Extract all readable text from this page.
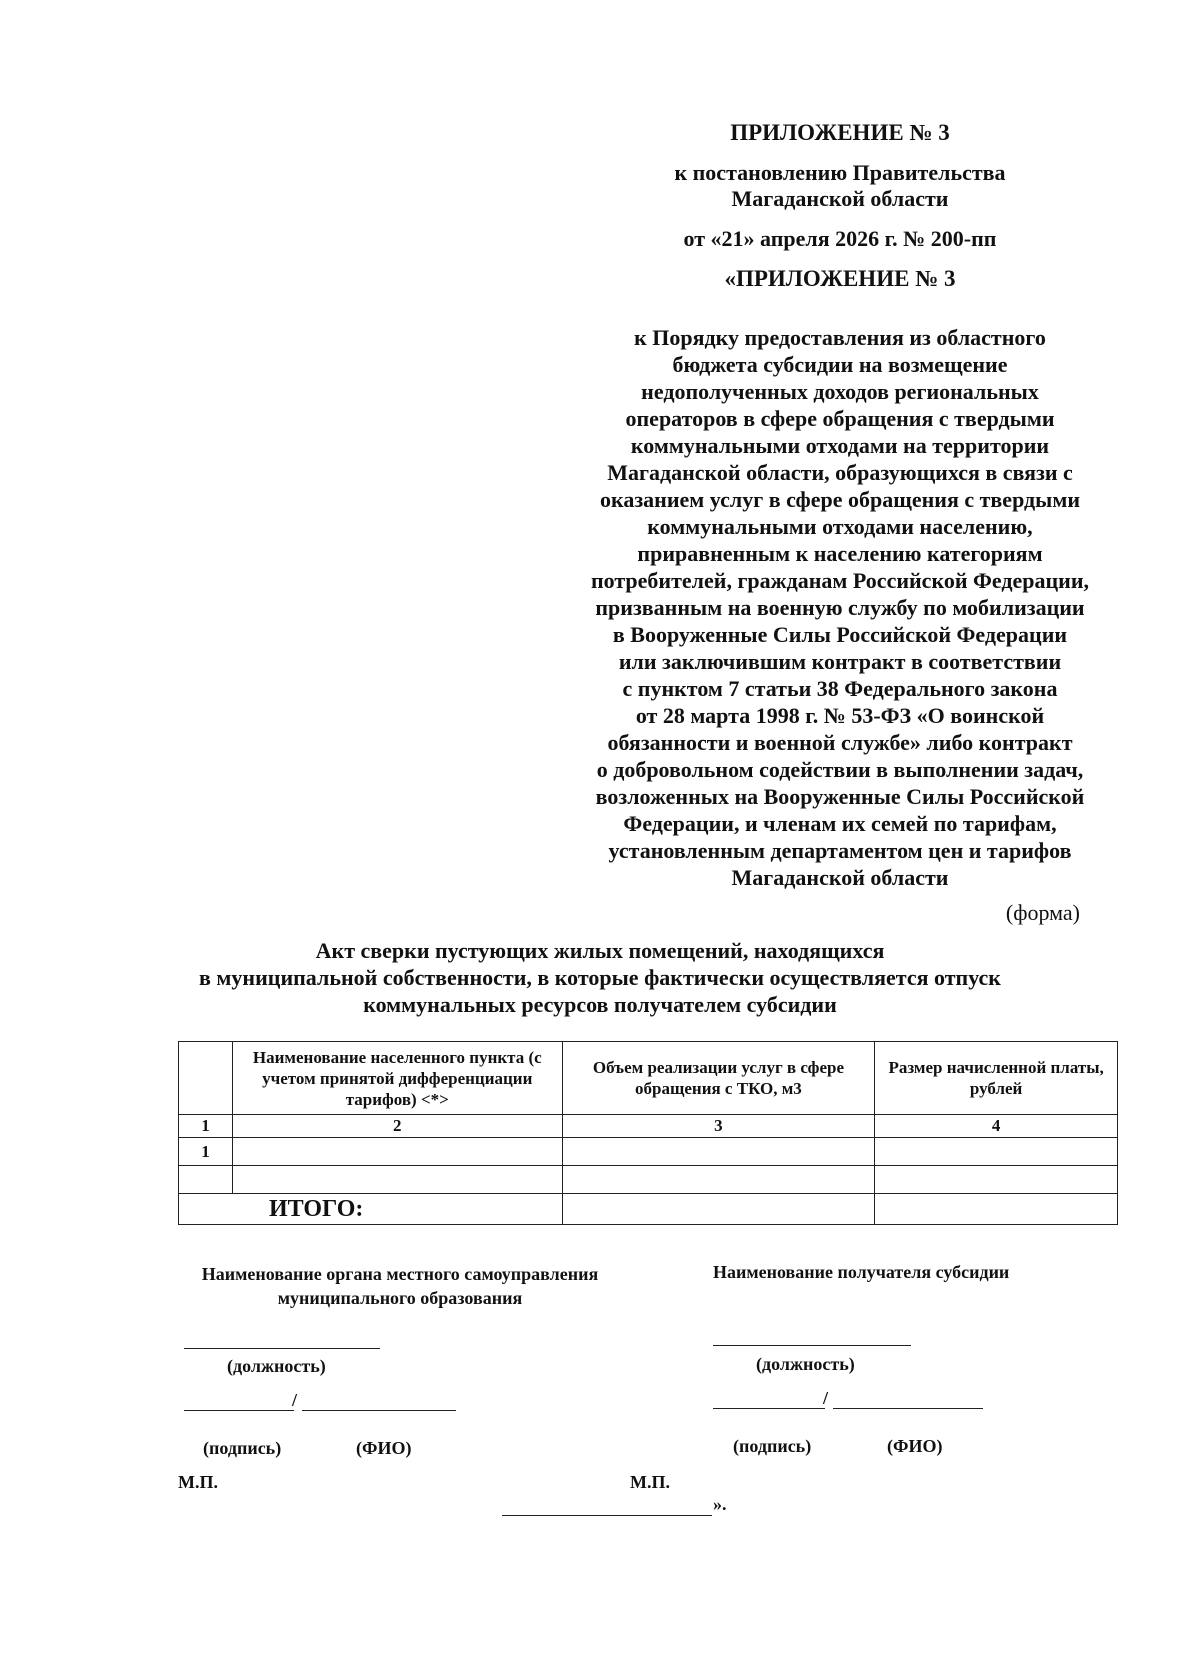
ПРИЛОЖЕНИЕ № 3
к постановлению Правительства
Магаданской области
от «21» апреля 2026 г. № 200-пп
«ПРИЛОЖЕНИЕ № 3
к Порядку предоставления из областного
бюджета субсидии на возмещение
недополученных доходов региональных
операторов в сфере обращения с твердыми
коммунальными отходами на территории
Магаданской области, образующихся в связи с
оказанием услуг в сфере обращения с твердыми
коммунальными отходами населению,
приравненным к населению категориям
потребителей, гражданам Российской Федерации,
призванным на военную службу по мобилизации
в Вооруженные Силы Российской Федерации
или заключившим контракт в соответствии
с пунктом 7 статьи 38 Федерального закона
от 28 марта 1998 г. № 53-ФЗ «О воинской
обязанности и военной службе» либо контракт
о добровольном содействии в выполнении задач,
возложенных на Вооруженные Силы Российской
Федерации, и членам их семей по тарифам,
установленным департаментом цен и тарифов
Магаданской области
(форма)
Акт сверки пустующих жилых помещений, находящихся
в муниципальной собственности, в которые фактически осуществляется отпуск
коммунальных ресурсов получателем субсидии
	Наименование населенного пункта (с учетом принятой дифференциации тарифов) <*>	Объем реализации услуг в сфере обращения с ТКО, м3	Размер начисленной платы, рублей
1	2	3	4
1			

ИТОГО:			
Наименование органа местного самоуправления
муниципального образования
(должность)
/
(подпись)	(ФИО)
М.П.
Наименование получателя субсидии
(должность)
/
(подпись)	(ФИО)
М.П.
».
